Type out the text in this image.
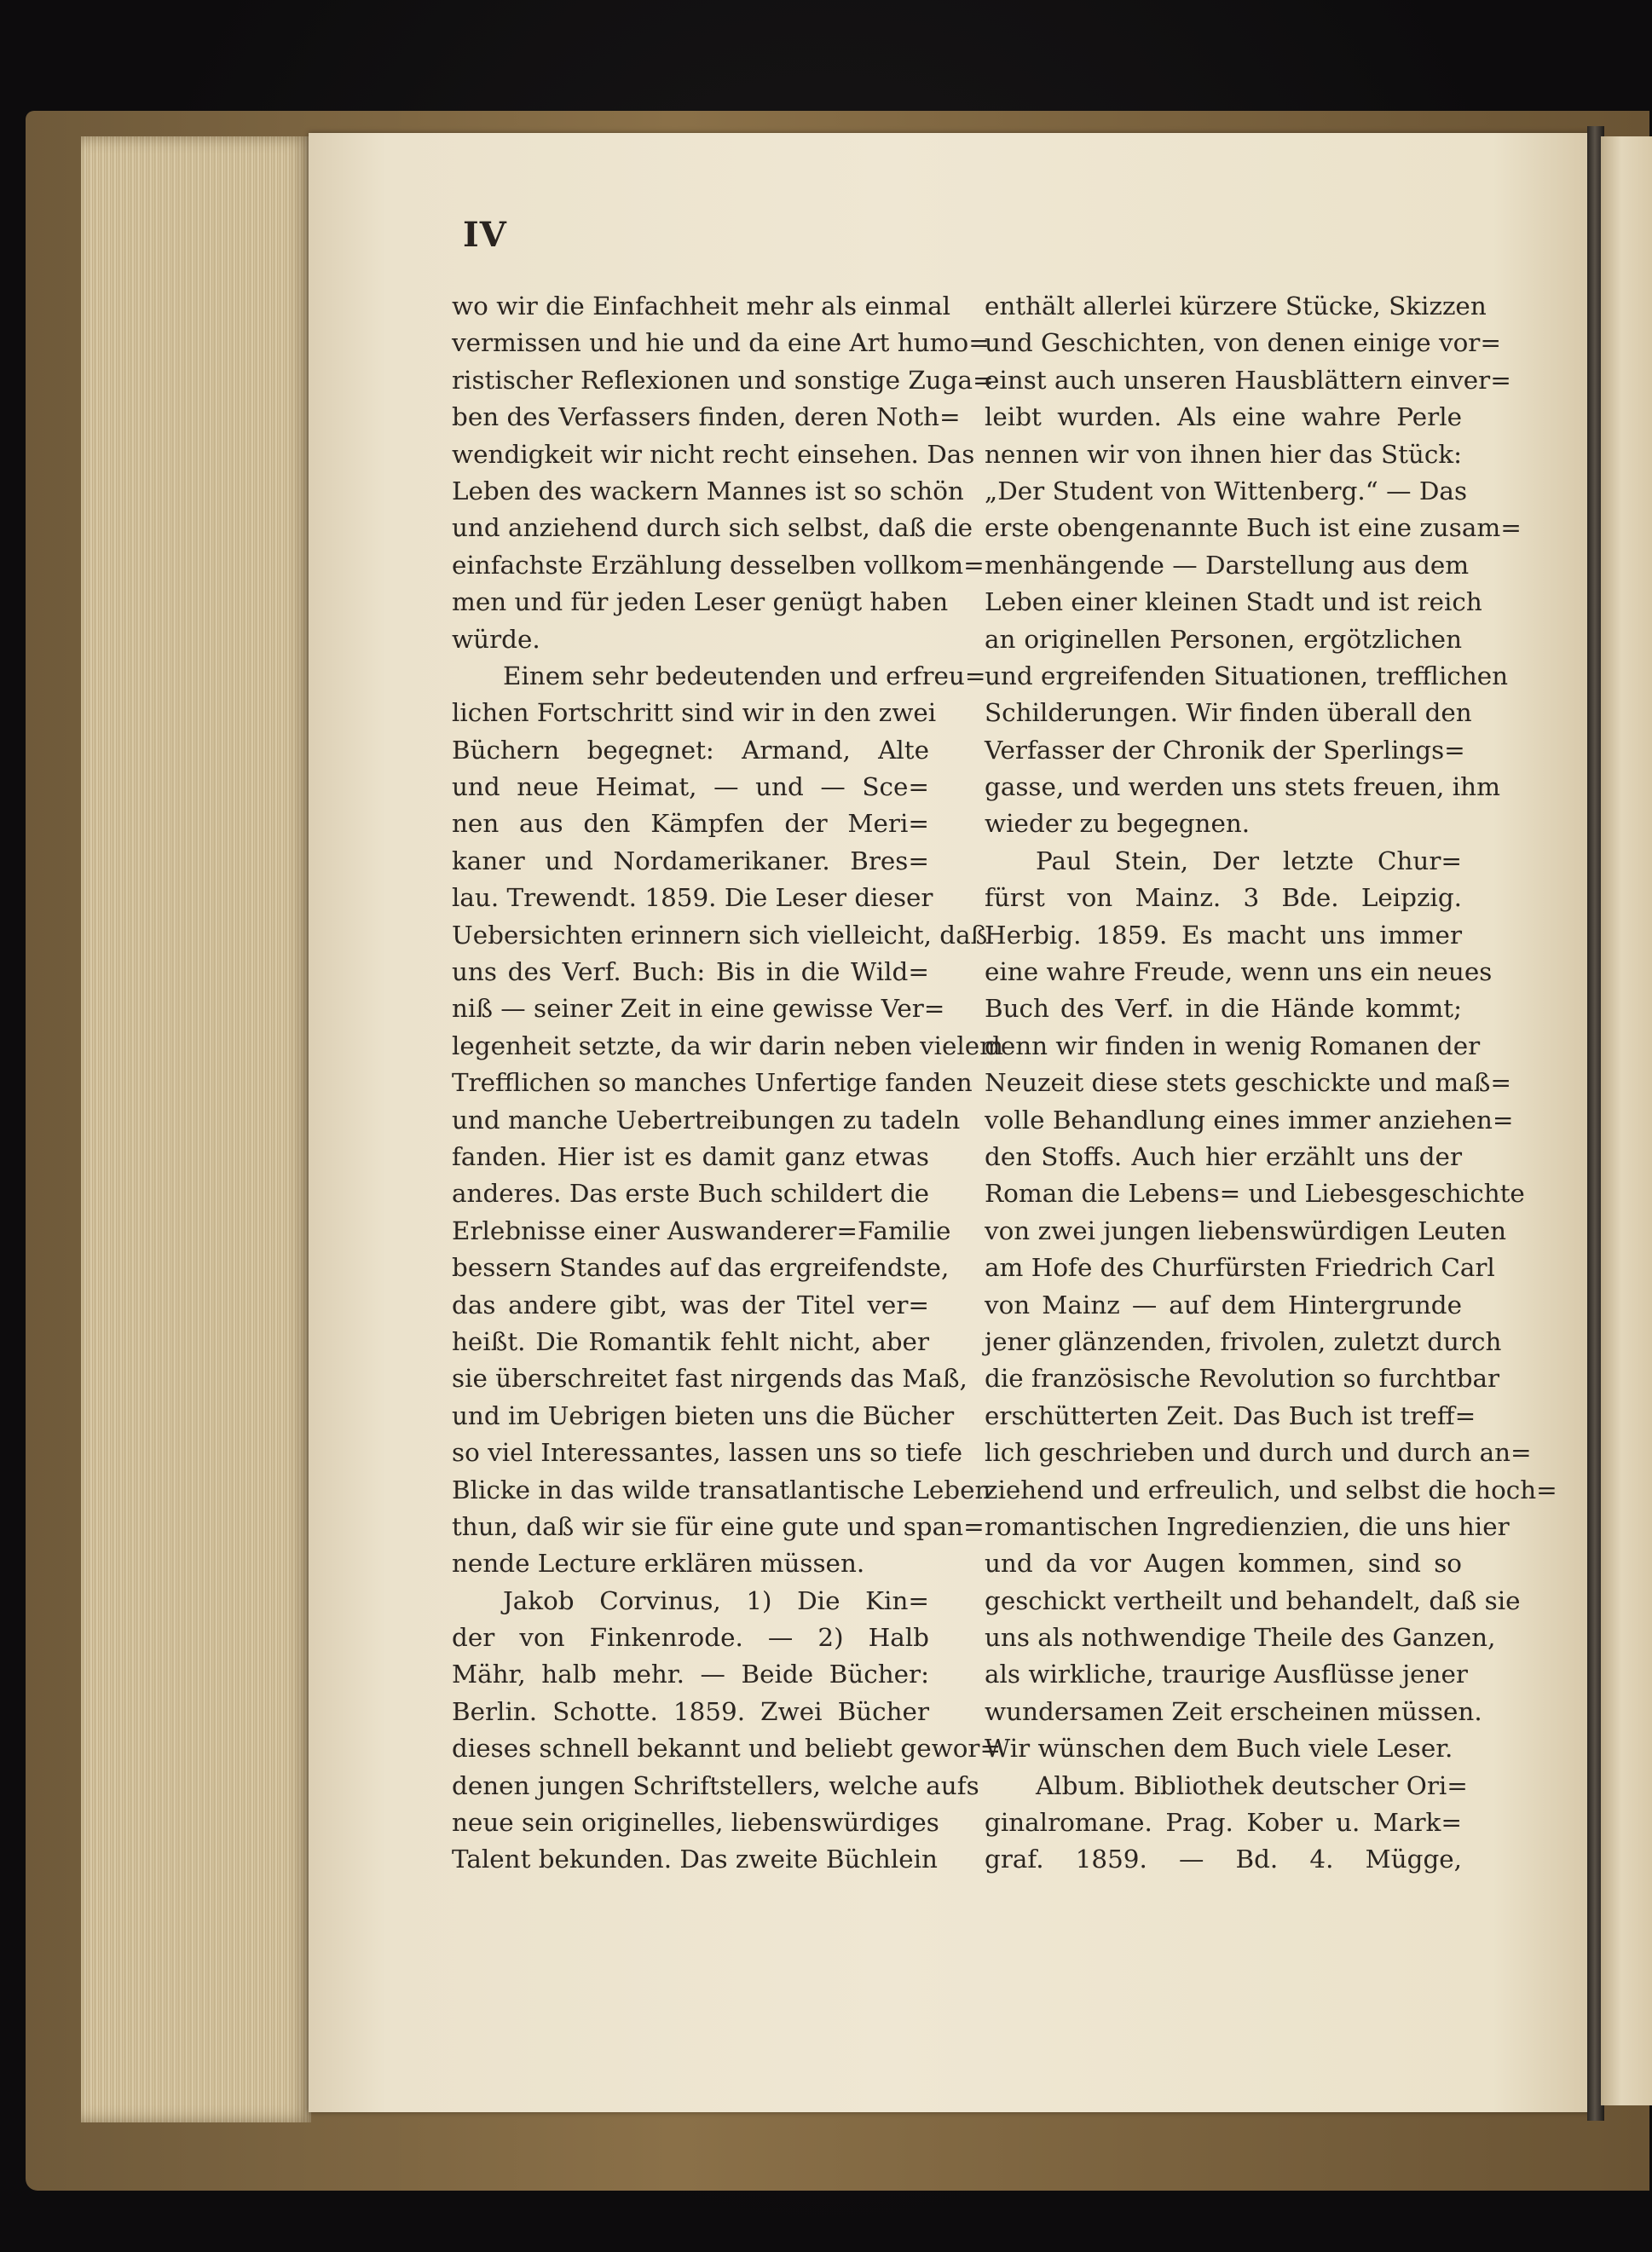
IV
wo wir die Einfachheit mehr als einmal
vermissen und hie und da eine Art humo=
ristischer Reflexionen und sonstige Zuga=
ben des Verfassers finden, deren Noth=
wendigkeit wir nicht recht einsehen. Das
Leben des wackern Mannes ist so schön
und anziehend durch sich selbst, daß die
einfachste Erzählung desselben vollkom=
men und für jeden Leser genügt haben
würde.
Einem sehr bedeutenden und erfreu=
lichen Fortschritt sind wir in den zwei
Büchern begegnet: Armand, Alte
und neue Heimat, — und — Sce=
nen aus den Kämpfen der Meri=
kaner und Nordamerikaner. Bres=
lau. Trewendt. 1859. Die Leser dieser
Uebersichten erinnern sich vielleicht, daß
uns des Verf. Buch: Bis in die Wild=
niß — seiner Zeit in eine gewisse Ver=
legenheit setzte, da wir darin neben vielem
Trefflichen so manches Unfertige fanden
und manche Uebertreibungen zu tadeln
fanden. Hier ist es damit ganz etwas
anderes. Das erste Buch schildert die
Erlebnisse einer Auswanderer=Familie
bessern Standes auf das ergreifendste,
das andere gibt, was der Titel ver=
heißt. Die Romantik fehlt nicht, aber
sie überschreitet fast nirgends das Maß,
und im Uebrigen bieten uns die Bücher
so viel Interessantes, lassen uns so tiefe
Blicke in das wilde transatlantische Leben
thun, daß wir sie für eine gute und span=
nende Lecture erklären müssen.
Jakob Corvinus, 1) Die Kin=
der von Finkenrode. — 2) Halb
Mähr, halb mehr. — Beide Bücher:
Berlin. Schotte. 1859. Zwei Bücher
dieses schnell bekannt und beliebt gewor=
denen jungen Schriftstellers, welche aufs
neue sein originelles, liebenswürdiges
Talent bekunden. Das zweite Büchlein
enthält allerlei kürzere Stücke, Skizzen
und Geschichten, von denen einige vor=
einst auch unseren Hausblättern einver=
leibt wurden. Als eine wahre Perle
nennen wir von ihnen hier das Stück:
„Der Student von Wittenberg.“ — Das
erste obengenannte Buch ist eine zusam=
menhängende — Darstellung aus dem
Leben einer kleinen Stadt und ist reich
an originellen Personen, ergötzlichen
und ergreifenden Situationen, trefflichen
Schilderungen. Wir finden überall den
Verfasser der Chronik der Sperlings=
gasse, und werden uns stets freuen, ihm
wieder zu begegnen.
Paul Stein, Der letzte Chur=
fürst von Mainz. 3 Bde. Leipzig.
Herbig. 1859. Es macht uns immer
eine wahre Freude, wenn uns ein neues
Buch des Verf. in die Hände kommt;
denn wir finden in wenig Romanen der
Neuzeit diese stets geschickte und maß=
volle Behandlung eines immer anziehen=
den Stoffs. Auch hier erzählt uns der
Roman die Lebens= und Liebesgeschichte
von zwei jungen liebenswürdigen Leuten
am Hofe des Churfürsten Friedrich Carl
von Mainz — auf dem Hintergrunde
jener glänzenden, frivolen, zuletzt durch
die französische Revolution so furchtbar
erschütterten Zeit. Das Buch ist treff=
lich geschrieben und durch und durch an=
ziehend und erfreulich, und selbst die hoch=
romantischen Ingredienzien, die uns hier
und da vor Augen kommen, sind so
geschickt vertheilt und behandelt, daß sie
uns als nothwendige Theile des Ganzen,
als wirkliche, traurige Ausflüsse jener
wundersamen Zeit erscheinen müssen.
Wir wünschen dem Buch viele Leser.
Album. Bibliothek deutscher Ori=
ginalromane. Prag. Kober u. Mark=
graf. 1859. — Bd. 4. Mügge,
